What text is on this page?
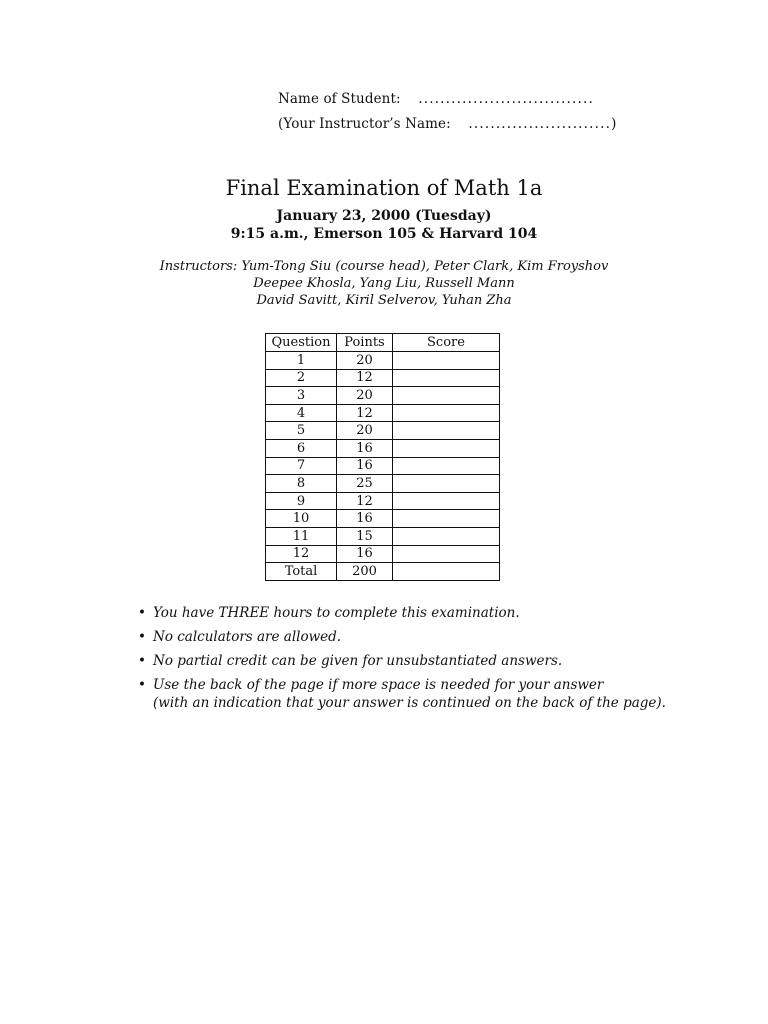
Name of Student: ................................
(Your Instructor’s Name: ..........................)
Final Examination of Math 1a
January 23, 2000 (Tuesday)
9:15 a.m., Emerson 105 & Harvard 104
Instructors: Yum-Tong Siu (course head), Peter Clark, Kim Froyshov
Deepee Khosla, Yang Liu, Russell Mann
David Savitt, Kiril Selverov, Yuhan Zha
Question	Points	Score
1	20	
2	12	
3	20	
4	12	
5	20	
6	16	
7	16	
8	25	
9	12	
10	16	
11	15	
12	16	
Total	200	
• You have THREE hours to complete this examination.
• No calculators are allowed.
• No partial credit can be given for unsubstantiated answers.
• Use the back of the page if more space is needed for your answer
(with an indication that your answer is continued on the back of the page).
